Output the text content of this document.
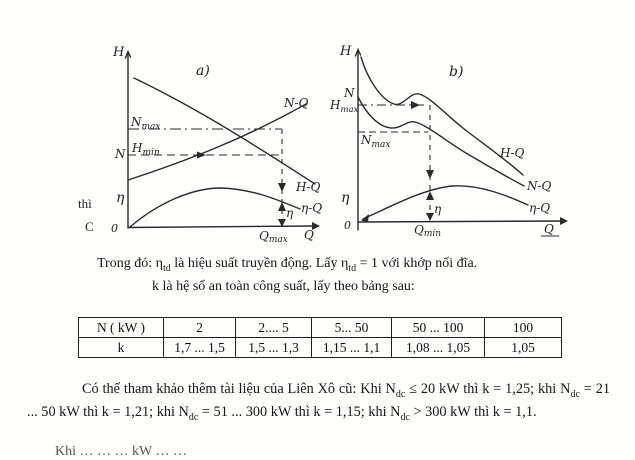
thì
C
H
a)
$N_{max}$
$H_{min}$
N
η
0
N-Q
H-Q
η-Q
η
Qmax Q
H
b)
N
$H_{max}$
$N_{max}$
η
0
H-Q
N-Q
η-Q
η
Qmin	Q
Trong đó: $\eta_{td}$ là hiệu suất truyền động. Lấy $\eta_{td} = 1$ với khớp nối đĩa.
k là hệ số an toàn công suất, lấy theo bảng sau:
N ( kW )	2	2.... 5	5... 50	50 ... 100	100
k	1,7 ... 1,5	1,5 ... 1,3	1,15 ... 1,1	1,08 ... 1,05	1,05
Có thể tham khảo thêm tài liệu của Liên Xô cũ: Khi $N_{dc} \le 20$ kW thì k = 1,25; khi $N_{dc} = 21$ ... 50 kW thì k = 1,21; khi $N_{dc} = 51$ ... 300 kW thì k = 1,15; khi $N_{dc} > 300$ kW thì k = 1,1.
Khi … … … kW … …
